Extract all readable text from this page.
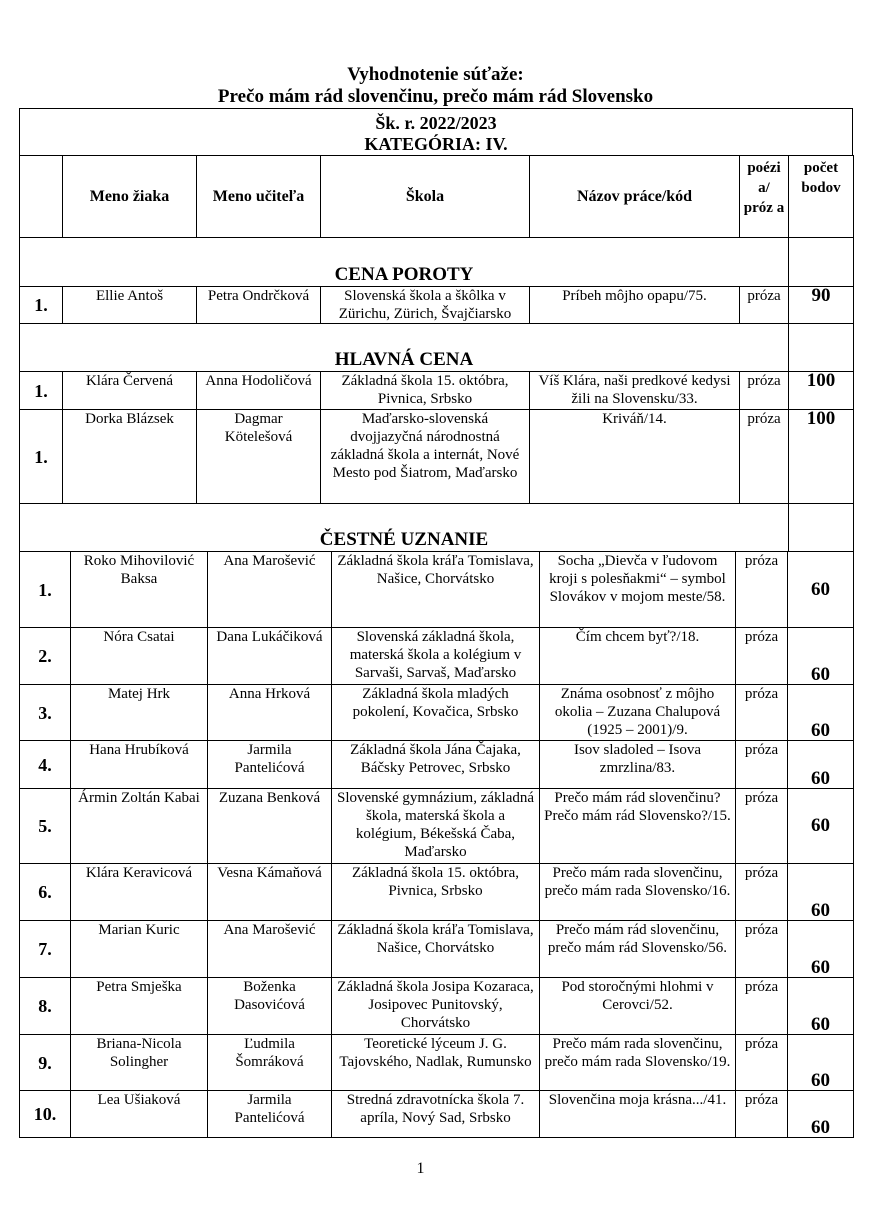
Vyhodnotenie súťaže:
Prečo mám rád slovenčinu, prečo mám rád Slovensko
Šk. r. 2022/2023
KATEGÓRIA: IV.
	Meno žiaka	Meno učiteľa	Škola	Názov práce/kód	poézi a/ próz a	počet bodov
CENA POROTY						
1.	Ellie Antoš	Petra Ondrčková	Slovenská škola a škôlka v Zürichu, Zürich, Švajčiarsko	Príbeh môjho opapu/75.	próza	90
HLAVNÁ CENA						
1.	Klára Červená	Anna Hodoličová	Základná škola 15. októbra, Pivnica, Srbsko	Víš Klára, naši predkové kedysi žili na Slovensku/33.	próza	100
1.	Dorka Blázsek	Dagmar Kötelešová	Maďarsko-slovenská dvojjazyčná národnostná základná škola a internát, Nové Mesto pod Šiatrom, Maďarsko	Kriváň/14.	próza	100
ČESTNÉ UZNANIE						
1.	Roko Mihovilović Baksa	Ana Marošević	Základná škola kráľa Tomislava, Našice, Chorvátsko	Socha „Dievča v ľudovom kroji s polesňakmi“ – symbol Slovákov v mojom meste/58.	próza	60
2.	Nóra Csatai	Dana Lukáčiková	Slovenská základná škola, materská škola a kolégium v Sarvaši, Sarvaš, Maďarsko	Čím chcem byť?/18.	próza	60
3.	Matej Hrk	Anna Hrková	Základná škola mladých pokolení, Kovačica, Srbsko	Známa osobnosť z môjho okolia – Zuzana Chalupová (1925 – 2001)/9.	próza	60
4.	Hana Hrubíková	Jarmila Pantelićová	Základná škola Jána Čajaka, Báčsky Petrovec, Srbsko	Isov sladoled – Isova zmrzlina/83.	próza	60
5.	Ármin Zoltán Kabai	Zuzana Benková	Slovenské gymnázium, základná škola, materská škola a kolégium, Békešská Čaba, Maďarsko	Prečo mám rád slovenčinu? Prečo mám rád Slovensko?/15.	próza	60
6.	Klára Keravicová	Vesna Kámaňová	Základná škola 15. októbra, Pivnica, Srbsko	Prečo mám rada slovenčinu, prečo mám rada Slovensko/16.	próza	60
7.	Marian Kuric	Ana Marošević	Základná škola kráľa Tomislava, Našice, Chorvátsko	Prečo mám rád slovenčinu, prečo mám rád Slovensko/56.	próza	60
8.	Petra Smješka	Boženka Dasovićová	Základná škola Josipa Kozaraca, Josipovec Punitovský, Chorvátsko	Pod storočnými hlohmi v Cerovci/52.	próza	60
9.	Briana-Nicola Solingher	Ľudmila Šomráková	Teoretické lýceum J. G. Tajovského, Nadlak, Rumunsko	Prečo mám rada slovenčinu, prečo mám rada Slovensko/19.	próza	60
10.	Lea Ušiaková	Jarmila Pantelićová	Stredná zdravotnícka škola 7. apríla, Nový Sad, Srbsko	Slovenčina moja krásna.../41.	próza	60
1
